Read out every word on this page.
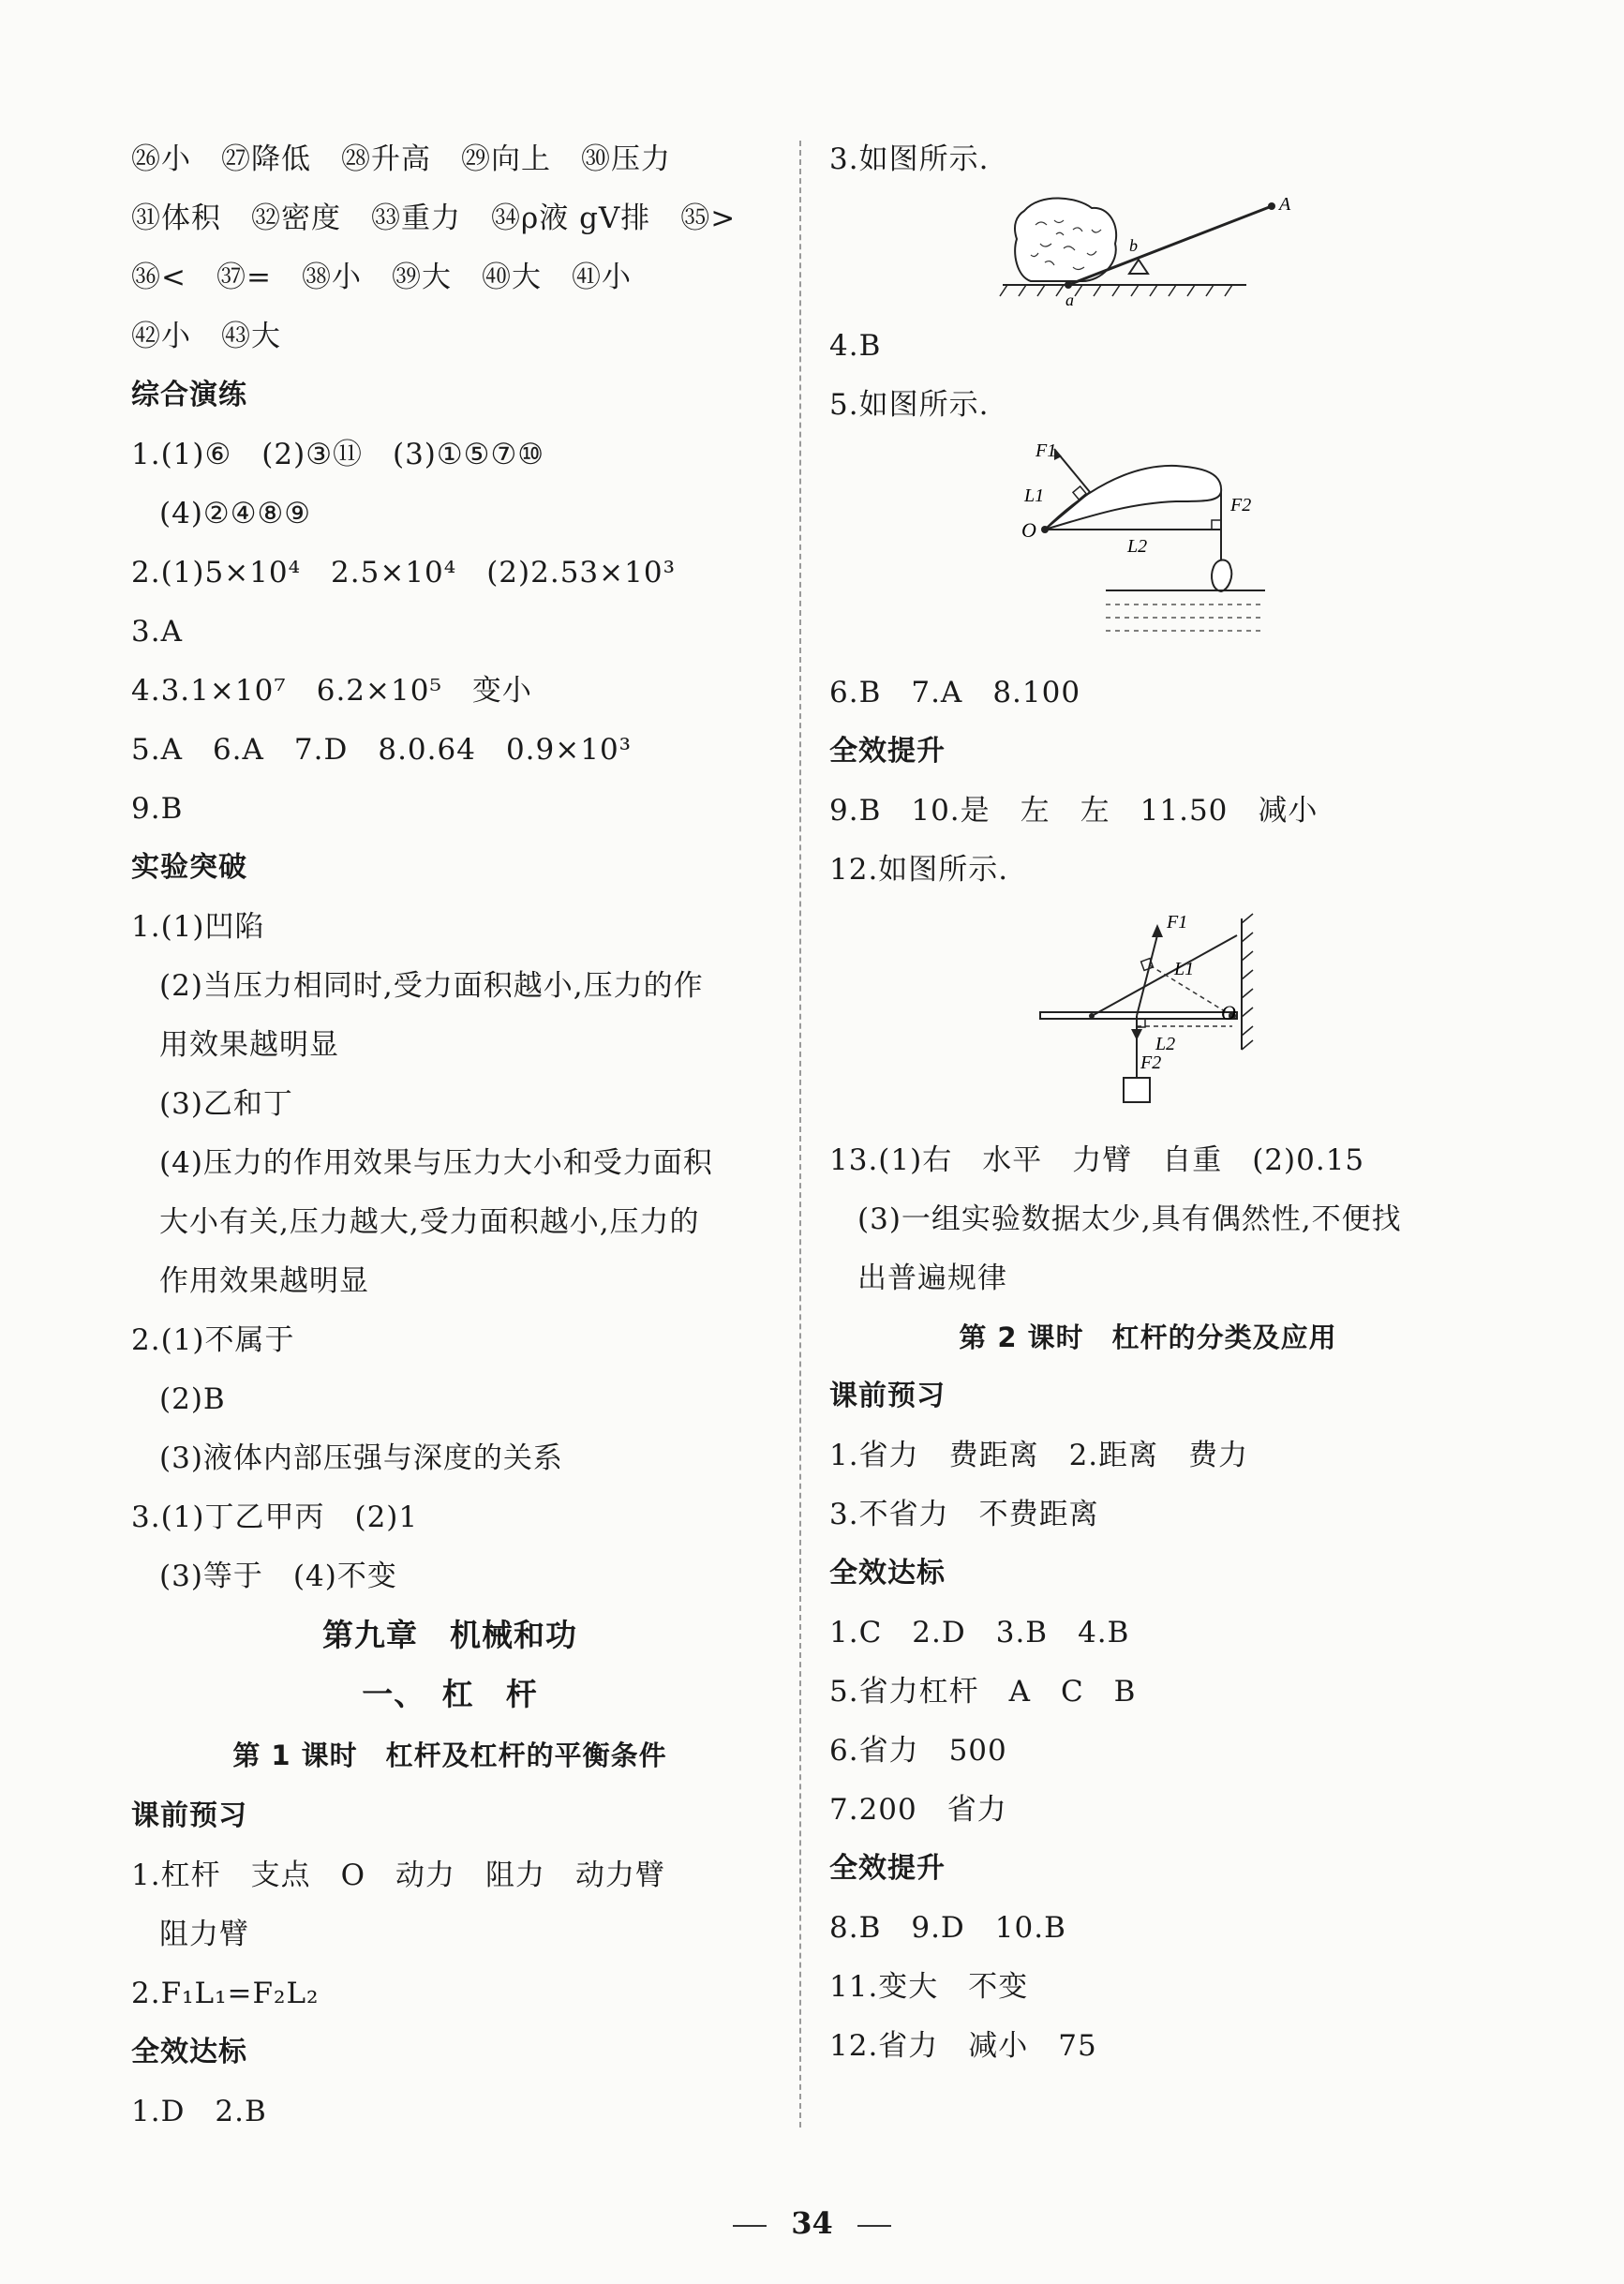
㉖小　㉗降低　㉘升高　㉙向上　㉚压力
㉛体积　㉜密度　㉝重力　㉞ρ液 gV排　㉟>
㊱<　㊲=　㊳小　㊴大　㊵大　㊶小
㊷小　㊸大
综合演练
1.(1)⑥　(2)③⑪　(3)①⑤⑦⑩
(4)②④⑧⑨
2.(1)5×10⁴　2.5×10⁴　(2)2.53×10³
3.A
4.3.1×10⁷　6.2×10⁵　变小
5.A　6.A　7.D　8.0.64　0.9×10³
9.B
实验突破
1.(1)凹陷
(2)当压力相同时,受力面积越小,压力的作
用效果越明显
(3)乙和丁
(4)压力的作用效果与压力大小和受力面积
大小有关,压力越大,受力面积越小,压力的
作用效果越明显
2.(1)不属于
(2)B
(3)液体内部压强与深度的关系
3.(1)丁乙甲丙　(2)1
(3)等于　(4)不变
第九章　机械和功
一、　杠　杆
第 1 课时　杠杆及杠杆的平衡条件
课前预习
1.杠杆　支点　O　动力　阻力　动力臂
阻力臂
2.F₁L₁=F₂L₂
全效达标
1.D　2.B
3.如图所示.
A
b
a
4.B
5.如图所示.
F1
L1
O
L2
F2
6.B　7.A　8.100
全效提升
9.B　10.是　左　左　11.50　减小
12.如图所示.
F1
L1
O
L2
F2
13.(1)右　水平　力臂　自重　(2)0.15
(3)一组实验数据太少,具有偶然性,不便找
出普遍规律
第 2 课时　杠杆的分类及应用
课前预习
1.省力　费距离　2.距离　费力
3.不省力　不费距离
全效达标
1.C　2.D　3.B　4.B
5.省力杠杆　A　C　B
6.省力　500
7.200　省力
全效提升
8.B　9.D　10.B
11.变大　不变
12.省力　减小　75
34
